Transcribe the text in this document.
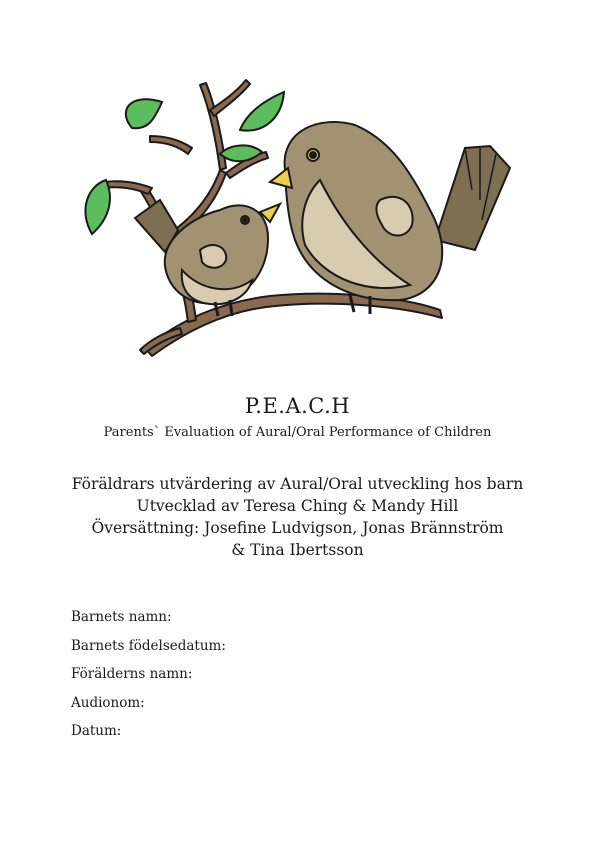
P.E.A.C.H
Parents` Evaluation of Aural/Oral Performance of Children
Föräldrars utvärdering av Aural/Oral utveckling hos barn
Utvecklad av Teresa Ching & Mandy Hill
Översättning: Josefine Ludvigson, Jonas Brännström
& Tina Ibertsson
Barnets namn:
Barnets födelsedatum:
Förälderns namn:
Audionom:
Datum:
